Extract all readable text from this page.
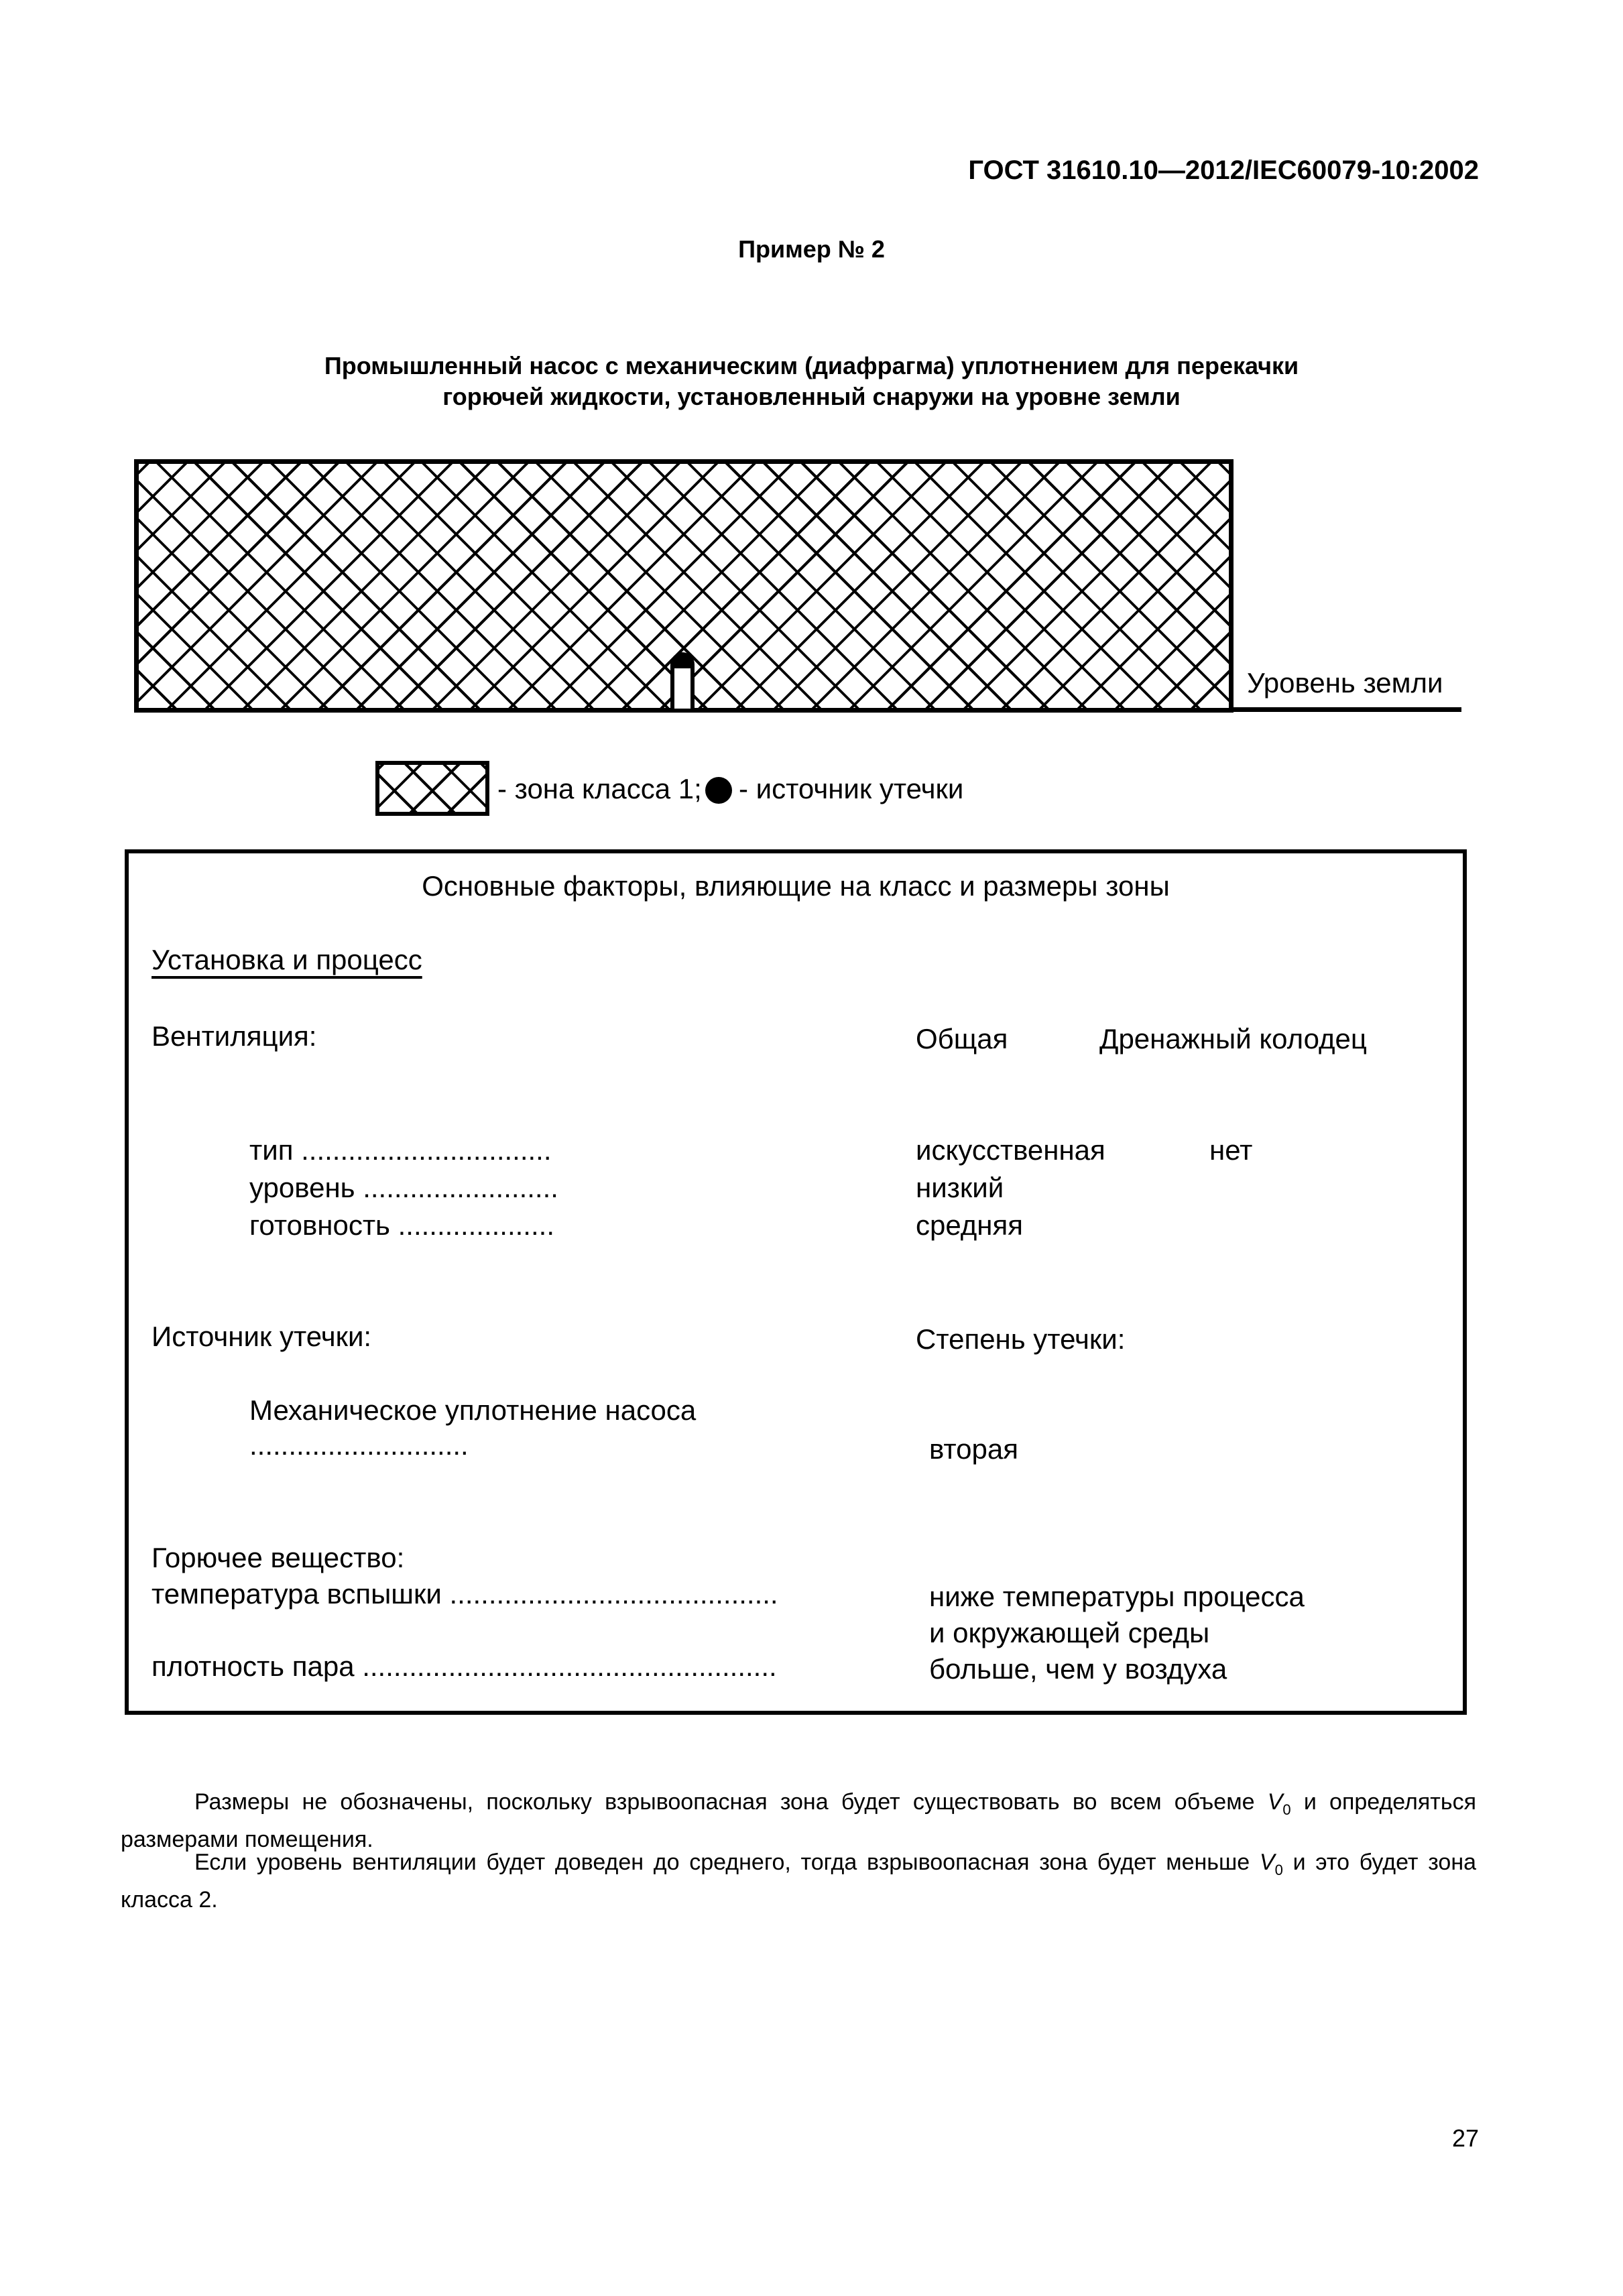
ГОСТ 31610.10—2012/IEC60079-10:2002
Пример № 2
Промышленный насос с механическим (диафрагма) уплотнением для перекачки
горючей жидкости, установленный снаружи на уровне земли
Уровень земли
- зона класса 1; - источник утечки
Основные факторы, влияющие на класс и размеры зоны
Установка и процесс
Вентиляция:	Общая	Дренажный колодец
тип ................................	искусственная	нет
уровень .........................	низкий
готовность ....................	средняя
Источник утечки:	Степень утечки:
Механическое уплотнение насоса
............................	вторая
Горючее вещество:
температура вспышки ..........................................	ниже температуры процесса
и окружающей среды
плотность пара .....................................................	больше, чем у воздуха
Размеры не обозначены, поскольку взрывоопасная зона будет существовать во всем объеме $V_0$ и определяться размерами помещения.
Если уровень вентиляции будет доведен до среднего, тогда взрывоопасная зона будет меньше $V_0$ и это будет зона класса 2.
27
